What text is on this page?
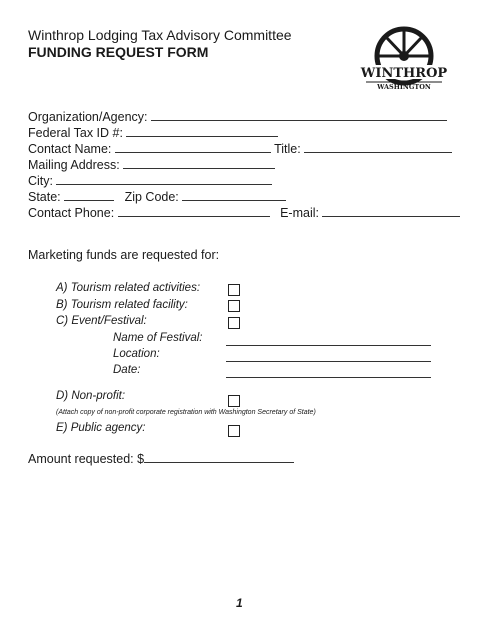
Winthrop Lodging Tax Advisory Committee
FUNDING REQUEST FORM
WINTHROP
WASHINGTON
Organization/Agency:
Federal Tax ID #:
Contact Name:	Title:
Mailing Address:
City:
State:	Zip Code:
Contact Phone:	E-mail:
Marketing funds are requested for:
A) Tourism related activities:
B) Tourism related facility:
C) Event/Festival:
Name of Festival:
Location:
Date:
D) Non-profit:
(Attach copy of non-profit corporate registration with Washington Secretary of State)
E) Public agency:
Amount requested: $
1
